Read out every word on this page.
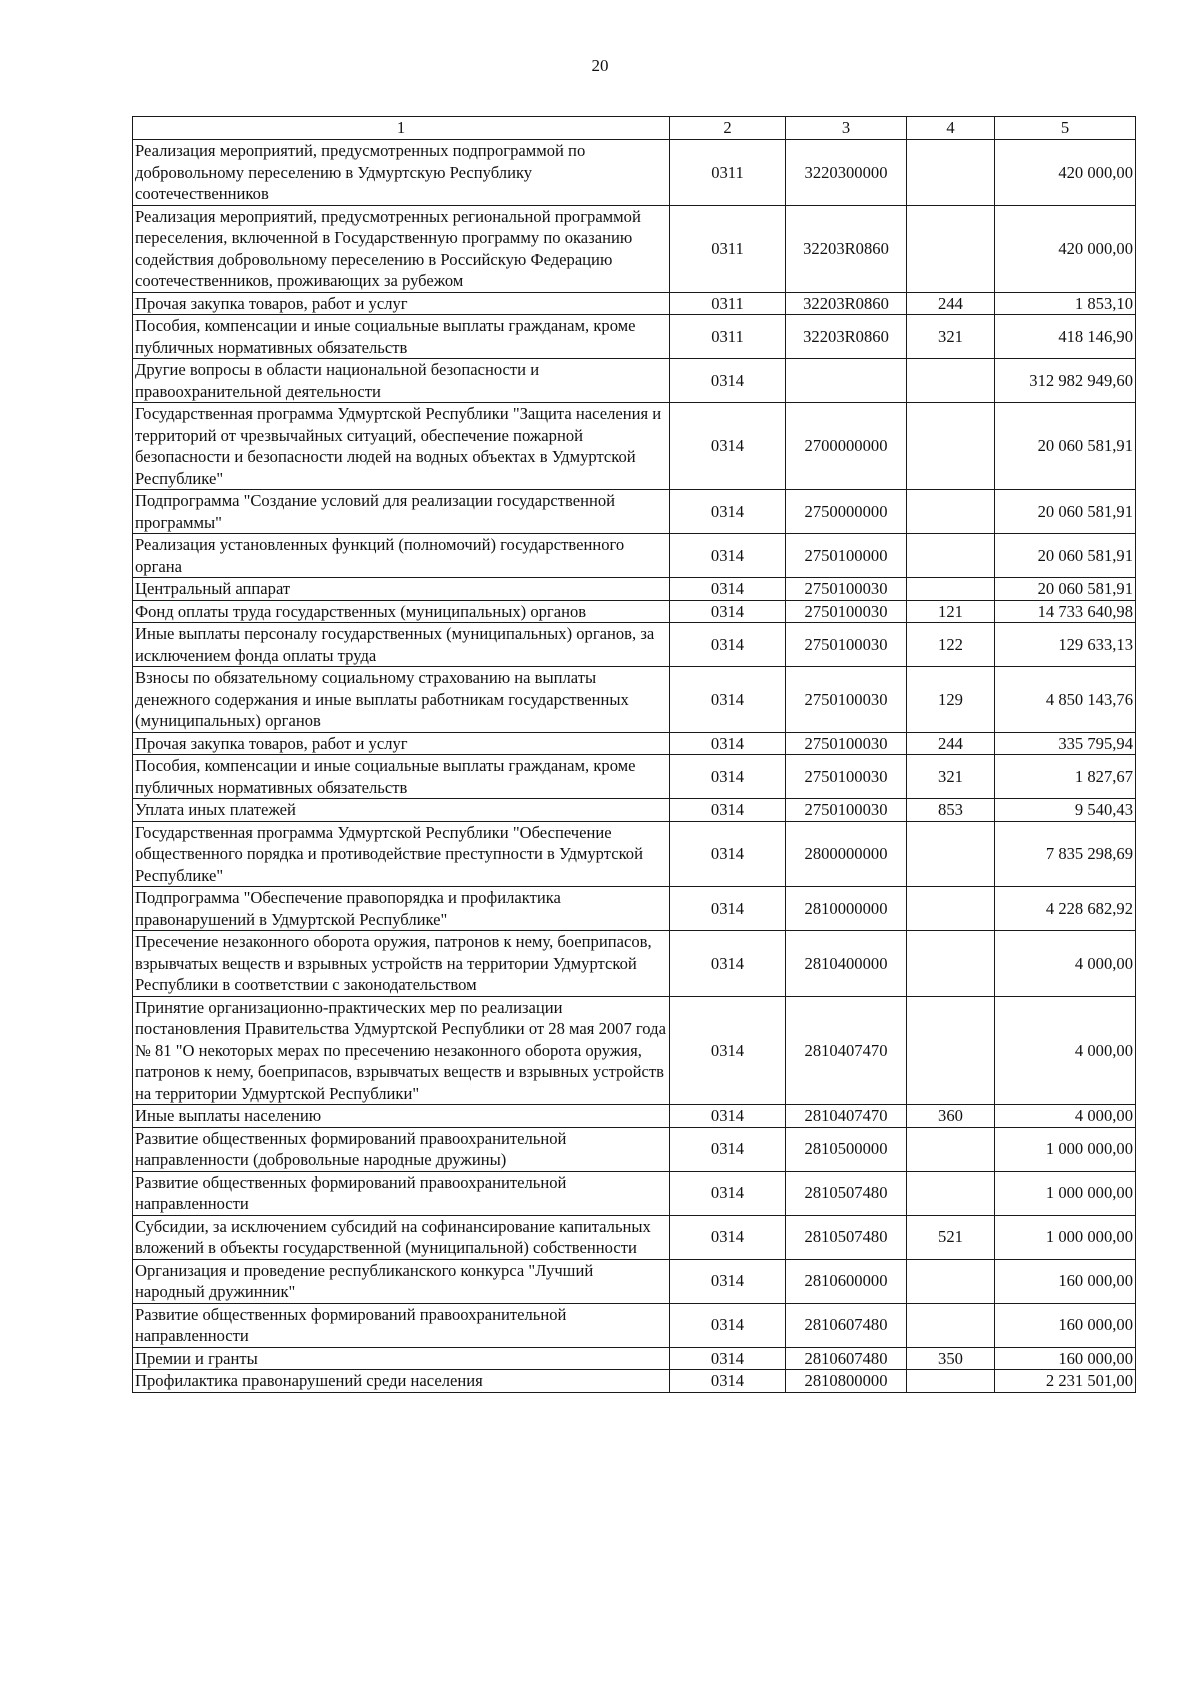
20
1	2	3	4	5
Реализация мероприятий, предусмотренных подпрограммой по добровольному переселению в Удмуртскую Республику соотечественников	0311	3220300000		420 000,00
Реализация мероприятий, предусмотренных региональной программой переселения, включенной в Государственную программу по оказанию содействия добровольному переселению в Российскую Федерацию соотечественников, проживающих за рубежом	0311	32203R0860		420 000,00
Прочая закупка товаров, работ и услуг	0311	32203R0860	244	1 853,10
Пособия, компенсации и иные социальные выплаты гражданам, кроме публичных нормативных обязательств	0311	32203R0860	321	418 146,90
Другие вопросы в области национальной безопасности и правоохранительной деятельности	0314			312 982 949,60
Государственная программа Удмуртской Республики "Защита населения и территорий от чрезвычайных ситуаций, обеспечение пожарной безопасности и безопасности людей на водных объектах в Удмуртской Республике"	0314	2700000000		20 060 581,91
Подпрограмма "Создание условий для реализации государственной программы"	0314	2750000000		20 060 581,91
Реализация установленных функций (полномочий) государственного органа	0314	2750100000		20 060 581,91
Центральный аппарат	0314	2750100030		20 060 581,91
Фонд оплаты труда государственных (муниципальных) органов	0314	2750100030	121	14 733 640,98
Иные выплаты персоналу государственных (муниципальных) органов, за исключением фонда оплаты труда	0314	2750100030	122	129 633,13
Взносы по обязательному социальному страхованию на выплаты денежного содержания и иные выплаты работникам государственных (муниципальных) органов	0314	2750100030	129	4 850 143,76
Прочая закупка товаров, работ и услуг	0314	2750100030	244	335 795,94
Пособия, компенсации и иные социальные выплаты гражданам, кроме публичных нормативных обязательств	0314	2750100030	321	1 827,67
Уплата иных платежей	0314	2750100030	853	9 540,43
Государственная программа Удмуртской Республики "Обеспечение общественного порядка и противодействие преступности в Удмуртской Республике"	0314	2800000000		7 835 298,69
Подпрограмма "Обеспечение правопорядка и профилактика правонарушений в Удмуртской Республике"	0314	2810000000		4 228 682,92
Пресечение незаконного оборота оружия, патронов к нему, боеприпасов, взрывчатых веществ и взрывных устройств на территории Удмуртской Республики в соответствии с законодательством	0314	2810400000		4 000,00
Принятие организационно-практических мер по реализации постановления Правительства Удмуртской Республики от 28 мая 2007 года № 81 "О некоторых мерах по пресечению незаконного оборота оружия, патронов к нему, боеприпасов, взрывчатых веществ и взрывных устройств на территории Удмуртской Республики"	0314	2810407470		4 000,00
Иные выплаты населению	0314	2810407470	360	4 000,00
Развитие общественных формирований правоохранительной направленности (добровольные народные дружины)	0314	2810500000		1 000 000,00
Развитие общественных формирований правоохранительной направленности	0314	2810507480		1 000 000,00
Субсидии, за исключением субсидий на софинансирование капитальных вложений в объекты государственной (муниципальной) собственности	0314	2810507480	521	1 000 000,00
Организация и проведение республиканского конкурса "Лучший народный дружинник"	0314	2810600000		160 000,00
Развитие общественных формирований правоохранительной направленности	0314	2810607480		160 000,00
Премии и гранты	0314	2810607480	350	160 000,00
Профилактика правонарушений среди населения	0314	2810800000		2 231 501,00
